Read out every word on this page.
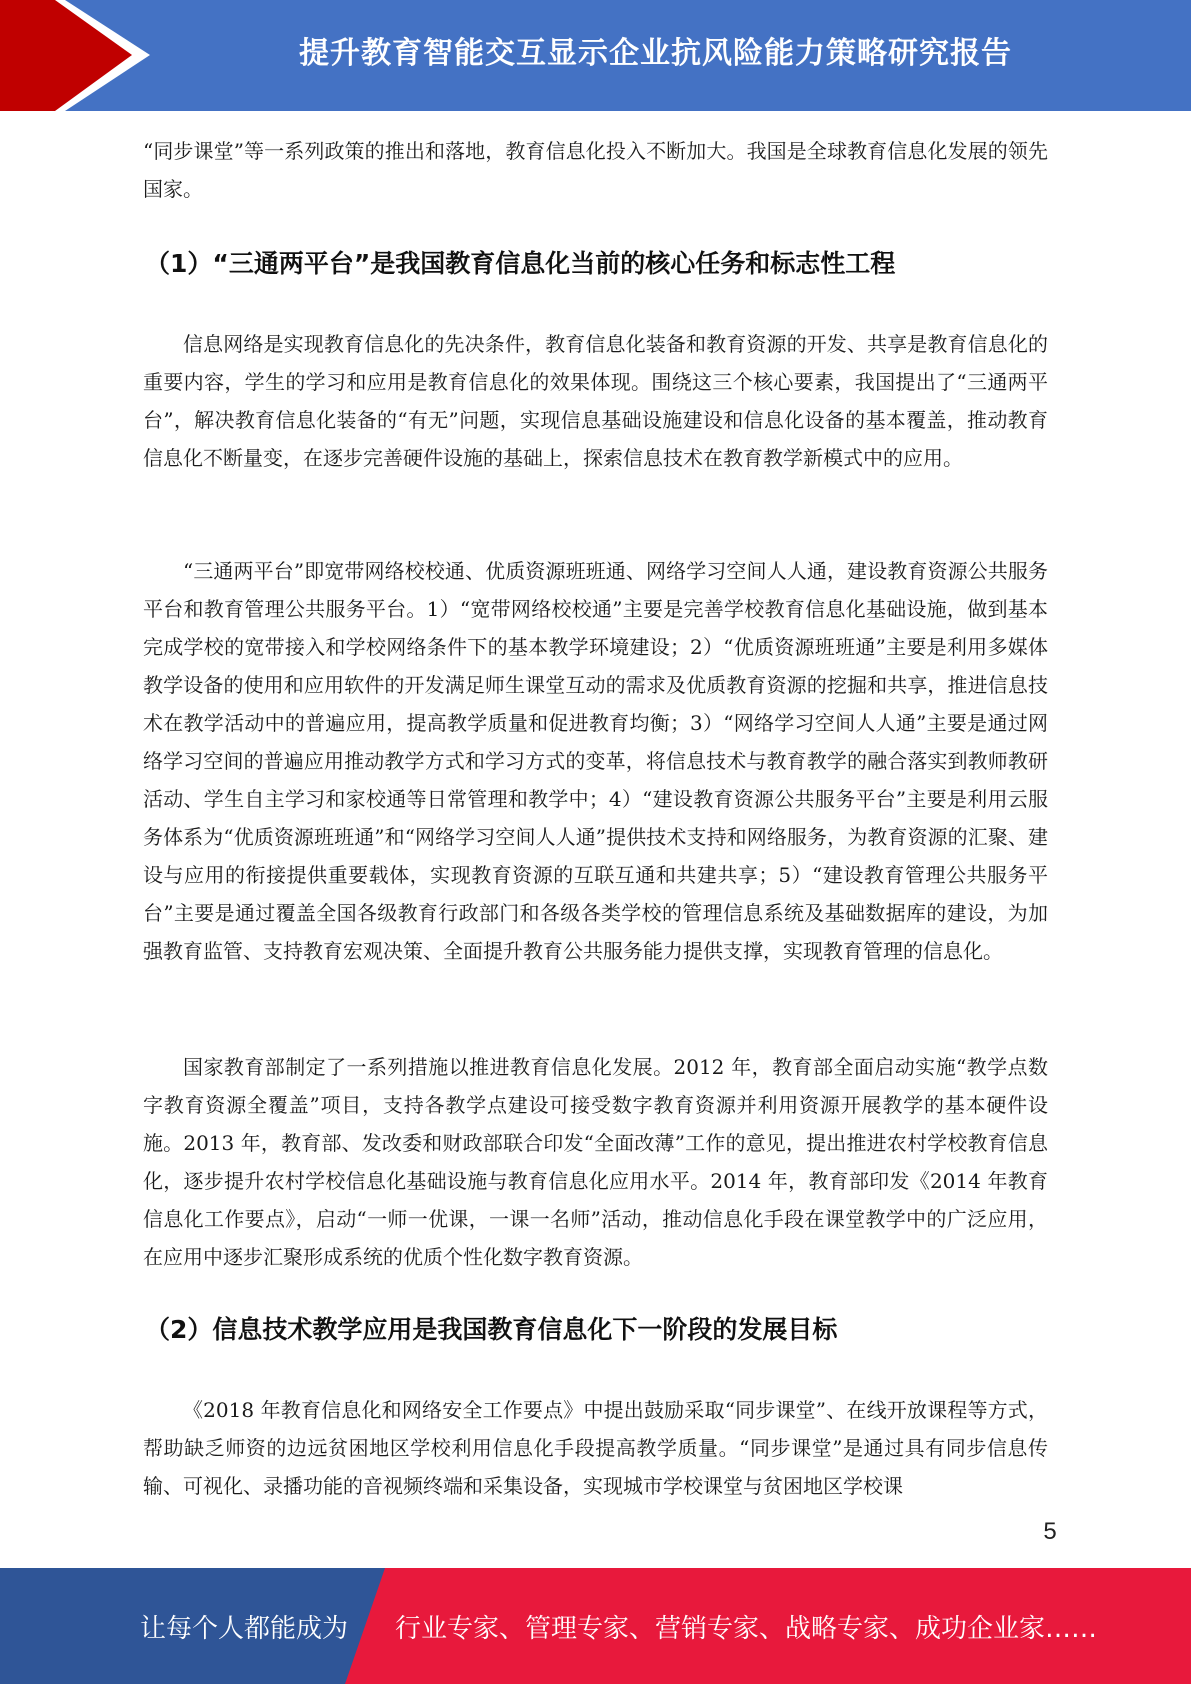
提升教育智能交互显示企业抗风险能力策略研究报告

“同步课堂”等一系列政策的推出和落地，教育信息化投入不断加大。我国是全球教育信息化发展的领先国家。

（1）“三通两平台”是我国教育信息化当前的核心任务和标志性工程

信息网络是实现教育信息化的先决条件，教育信息化装备和教育资源的开发、共享是教育信息化的重要内容，学生的学习和应用是教育信息化的效果体现。围绕这三个核心要素，我国提出了“三通两平台”，解决教育信息化装备的“有无”问题，实现信息基础设施建设和信息化设备的基本覆盖，推动教育信息化不断量变，在逐步完善硬件设施的基础上，探索信息技术在教育教学新模式中的应用。

“三通两平台”即宽带网络校校通、优质资源班班通、网络学习空间人人通，建设教育资源公共服务平台和教育管理公共服务平台。1）“宽带网络校校通”主要是完善学校教育信息化基础设施，做到基本完成学校的宽带接入和学校网络条件下的基本教学环境建设；2）“优质资源班班通”主要是利用多媒体教学设备的使用和应用软件的开发满足师生课堂互动的需求及优质教育资源的挖掘和共享，推进信息技术在教学活动中的普遍应用，提高教学质量和促进教育均衡；3）“网络学习空间人人通”主要是通过网络学习空间的普遍应用推动教学方式和学习方式的变革，将信息技术与教育教学的融合落实到教师教研活动、学生自主学习和家校通等日常管理和教学中；4）“建设教育资源公共服务平台”主要是利用云服务体系为“优质资源班班通”和“网络学习空间人人通”提供技术支持和网络服务，为教育资源的汇聚、建设与应用的衔接提供重要载体，实现教育资源的互联互通和共建共享；5）“建设教育管理公共服务平台”主要是通过覆盖全国各级教育行政部门和各级各类学校的管理信息系统及基础数据库的建设，为加强教育监管、支持教育宏观决策、全面提升教育公共服务能力提供支撑，实现教育管理的信息化。

国家教育部制定了一系列措施以推进教育信息化发展。2012 年，教育部全面启动实施“教学点数字教育资源全覆盖”项目，支持各教学点建设可接受数字教育资源并利用资源开展教学的基本硬件设施。2013 年，教育部、发改委和财政部联合印发“全面改薄”工作的意见，提出推进农村学校教育信息化，逐步提升农村学校信息化基础设施与教育信息化应用水平。2014 年，教育部印发《2014 年教育信息化工作要点》，启动“一师一优课，一课一名师”活动，推动信息化手段在课堂教学中的广泛应用，在应用中逐步汇聚形成系统的优质个性化数字教育资源。

（2）信息技术教学应用是我国教育信息化下一阶段的发展目标

《2018 年教育信息化和网络安全工作要点》中提出鼓励采取“同步课堂”、在线开放课程等方式，帮助缺乏师资的边远贫困地区学校利用信息化手段提高教学质量。“同步课堂”是通过具有同步信息传输、可视化、录播功能的音视频终端和采集设备，实现城市学校课堂与贫困地区学校课

5
让每个人都能成为 行业专家、管理专家、营销专家、战略专家、成功企业家……
